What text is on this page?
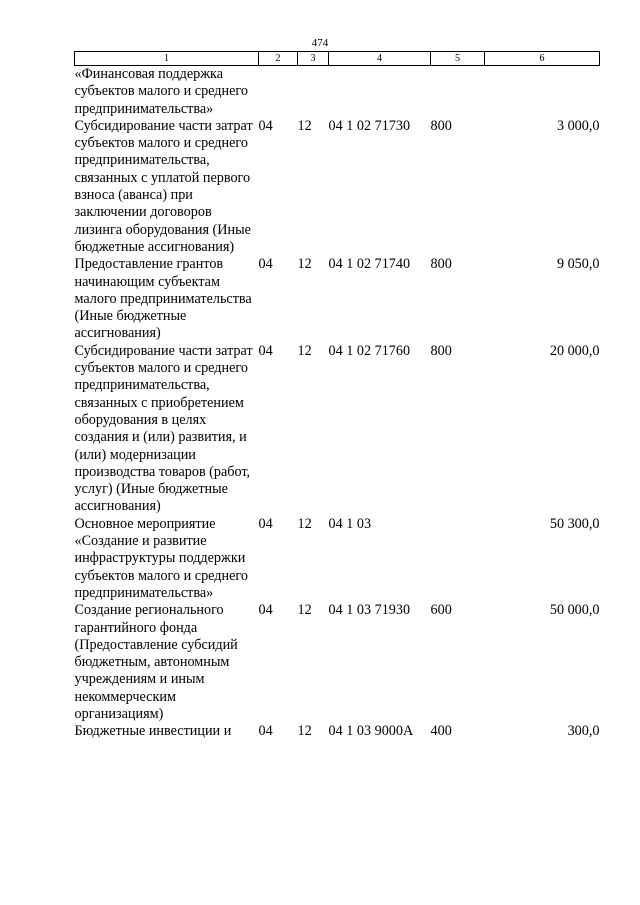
474
1	2	3	4	5	6
«Финансовая поддержка субъектов малого и среднего предпринимательства»					
Субсидирование части затрат субъектов малого и среднего предпринимательства, связанных с уплатой первого взноса (аванса) при заключении договоров лизинга оборудования (Иные бюджетные ассигнования)	04	12	04 1 02 71730	800	3 000,0
Предоставление грантов начинающим субъектам малого предпринимательства (Иные бюджетные ассигнования)	04	12	04 1 02 71740	800	9 050,0
Субсидирование части затрат субъектов малого и среднего предпринимательства, связанных с приобретением оборудования в целях создания и (или) развития, и (или) модернизации производства товаров (работ, услуг) (Иные бюджетные ассигнования)	04	12	04 1 02 71760	800	20 000,0
Основное мероприятие «Создание и развитие инфраструктуры поддержки субъектов малого и среднего предпринимательства»	04	12	04 1 03		50 300,0
Создание регионального гарантийного фонда (Предоставление субсидий бюджетным, автономным учреждениям и иным некоммерческим организациям)	04	12	04 1 03 71930	600	50 000,0
Бюджетные инвестиции и	04	12	04 1 03 9000А	400	300,0
